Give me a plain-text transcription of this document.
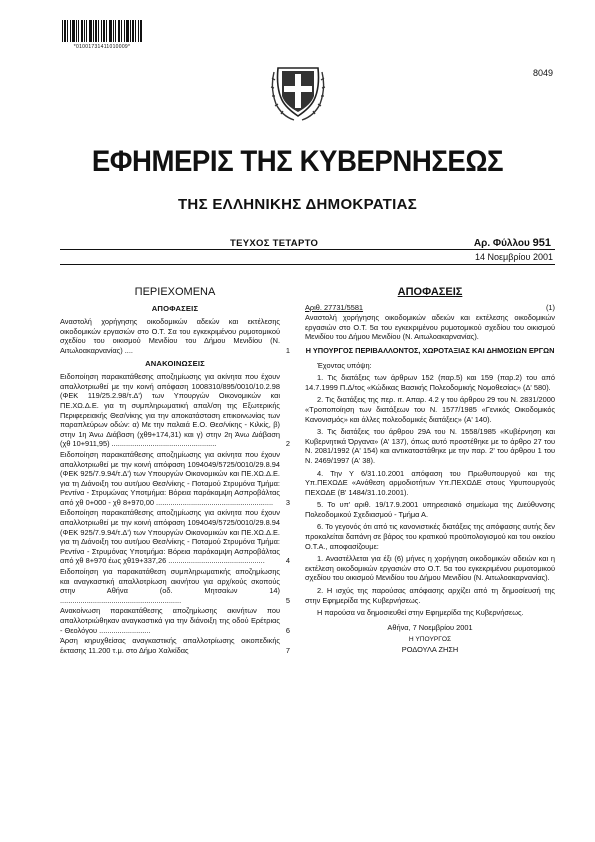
*01001731411010009*
8049
ΕΦΗΜΕΡΙΣ ΤΗΣ ΚΥΒΕΡΝΗΣΕΩΣ
ΤΗΣ ΕΛΛΗΝΙΚΗΣ ΔΗΜΟΚΡΑΤΙΑΣ
ΤΕΥΧΟΣ ΤΕΤΑΡΤΟ	Αρ. Φύλλου 951
14 Νοεμβρίου 2001
ΠΕΡΙΕΧΟΜΕΝΑ
ΑΠΟΦΑΣΕΙΣ
Αναστολή χορήγησης οικοδομικών αδειών και εκτέλεσης οικοδομικών εργασιών στο Ο.Τ. Σα του εγκεκριμένου ρυμοτομικού σχεδίου του οικισμού Μενιδίου του Δήμου Μενιδίου (Ν. Αιτωλοακαρνανίας) ....	1
ΑΝΑΚΟΙΝΩΣΕΙΣ
Ειδοποίηση παρακατάθεσης αποζημίωσης για ακίνητα που έχουν απαλλοτριωθεί με την κοινή απόφαση 1008310/895/0010/10.2.98 (ΦΕΚ 119/25.2.98/τ.Δ') των Υπουργών Οικονομικών και ΠΕ.ΧΩ.Δ.Ε. για τη συμπληρωματική απαλ/ση της Εξωτερικής Περιφερειακής Θεσ/νίκης για την αποκατάσταση επικοινωνίας των παραπλεύρων οδών: α) Με την παλαιά Ε.Ο. Θεσ/νίκης - Κιλκίς, β) στην 1η Άνω Διάβαση (χθ9+174,31) και γ) στην 2η Άνω Διάβαση (χθ 10+911,95) ...................................................	2
Ειδοποίηση παρακατάθεσης αποζημίωσης για ακίνητα που έχουν απαλλοτριωθεί με την κοινή απόφαση 1094049/5725/0010/29.8.94 (ΦΕΚ 925/7.9.94/τ.Δ') των Υπουργών Οικονομικών και ΠΕ.ΧΩ.Δ.Ε. για τη Διάνοιξη του αυτ/μου Θεσ/νίκης - Ποταμού Στρυμόνα Τμήμα: Ρεντίνα - Στρυμώνας Υποτμήμα: Βόρεια παράκαμψη Ασπροβάλτας από χθ 0+000 - χθ 8+970,00 .........................................................	3
Ειδοποίηση παρακατάθεσης αποζημίωσης για ακίνητα που έχουν απαλλοτριωθεί με την κοινή απόφαση 1094049/5725/0010/29.8.94 (ΦΕΚ 925/7.9.94/τ.Δ') των Υπουργών Οικονομικών και ΠΕ.ΧΩ.Δ.Ε. για τη Διάνοιξη του αυτ/μου Θεσ/νίκης - Ποταμού Στρυμόνα Τμήμα: Ρεντίνα - Στρυμόνας Υποτμήμα: Βόρεια παράκαμψη Ασπροβάλτας από χθ 8+970 έως χθ19+337,26 ...............................................	4
Ειδοποίηση για παρακατάθεση συμπληρωματικής αποζημίωσης και αναγκαστική απαλλοτρίωση ακινήτου για αρχ/κούς σκοπούς στην Αθήνα (οδ. Μητσαίων 14) ...........................................................	5
Ανακοίνωση παρακατάθεσης αποζημίωσης ακινήτων που απαλλοτριώθηκαν αναγκαστικά για την διάνοιξη της οδού Ερέτριας - Θεολόγου .........................	6
Άρση κηρυχθείσας αναγκαστικής απαλλοτρίωσης οικοπεδικής έκτασης 11.200 τ.μ. στο Δήμο Χαλκίδας	7
ΑΠΟΦΑΣΕΙΣ
Αριθ. 27731/5581	(1)
Αναστολή χορήγησης οικοδομικών αδειών και εκτέλεσης οικοδομικών εργασιών στο Ο.Τ. 5α του εγκεκριμένου ρυμοτομικού σχεδίου του οικισμού Μενιδίου του Δήμου Μενιδίου (Ν. Αιτωλοακαρνανίας).
Η ΥΠΟΥΡΓΟΣ ΠΕΡΙΒΑΛΛΟΝΤΟΣ, ΧΩΡΟΤΑΞΙΑΣ ΚΑΙ ΔΗΜΟΣΙΩΝ ΕΡΓΩΝ
Έχοντας υπόψη:
1. Τις διατάξεις των άρθρων 152 (παρ.5) και 159 (παρ.2) του από 14.7.1999 Π.Δ/τος «Κώδικας Βασικής Πολεοδομικής Νομοθεσίας» (Δ' 580).
2. Τις διατάξεις της περ. ιτ. Απαρ. 4.2 γ του άρθρου 29 του Ν. 2831/2000 «Τροποποίηση των διατάξεων του Ν. 1577/1985 «Γενικός Οικοδομικός Κανονισμός» και άλλες πολεοδομικές διατάξεις» (Α' 140).
3. Τις διατάξεις του άρθρου 29Α του Ν. 1558/1985 «Κυβέρνηση και Κυβερνητικά Όργανα» (Α' 137), όπως αυτό προστέθηκε με το άρθρο 27 του Ν. 2081/1992 (Α' 154) και αντικαταστάθηκε με την παρ. 2' του άρθρου 1 του Ν. 2469/1997 (Α' 38).
4. Την Υ 6/31.10.2001 απόφαση του Πρωθυπουργού και της Υπ.ΠΕΧΩΔΕ «Ανάθεση αρμοδιοτήτων Υπ.ΠΕΧΩΔΕ στους Υφυπουργούς ΠΕΧΩΔΕ (Β' 1484/31.10.2001).
5. Το υπ' αριθ. 19/17.9.2001 υπηρεσιακό σημείωμα της Διεύθυνσης Πολεοδομικού Σχεδιασμού - Τμήμα Α.
6. Το γεγονός ότι από τις κανονιστικές διατάξεις της απόφασης αυτής δεν προκαλείται δαπάνη σε βάρος του κρατικού προϋπολογισμού και του οικείου Ο.Τ.Α., αποφασίζουμε:
1. Αναστέλλεται για έξι (6) μήνες η χορήγηση οικοδομικών αδειών και η εκτέλεση οικοδομικών εργασιών στο Ο.Τ. 5α του εγκεκριμένου ρυμοτομικού σχεδίου του οικισμού Μενιδίου του Δήμου Μενιδίου (Ν. Αιτωλοακαρνανίας).
2. Η ισχύς της παρούσας απόφασης αρχίζει από τη δημοσίευσή της στην Εφημερίδα της Κυβερνήσεως.
Η παρούσα να δημοσιευθεί στην Εφημερίδα της Κυβερνήσεως.
Αθήνα, 7 Νοεμβρίου 2001
Η ΥΠΟΥΡΓΟΣ
ΡΟΔΟΥΛΑ ΖΗΣΗ
